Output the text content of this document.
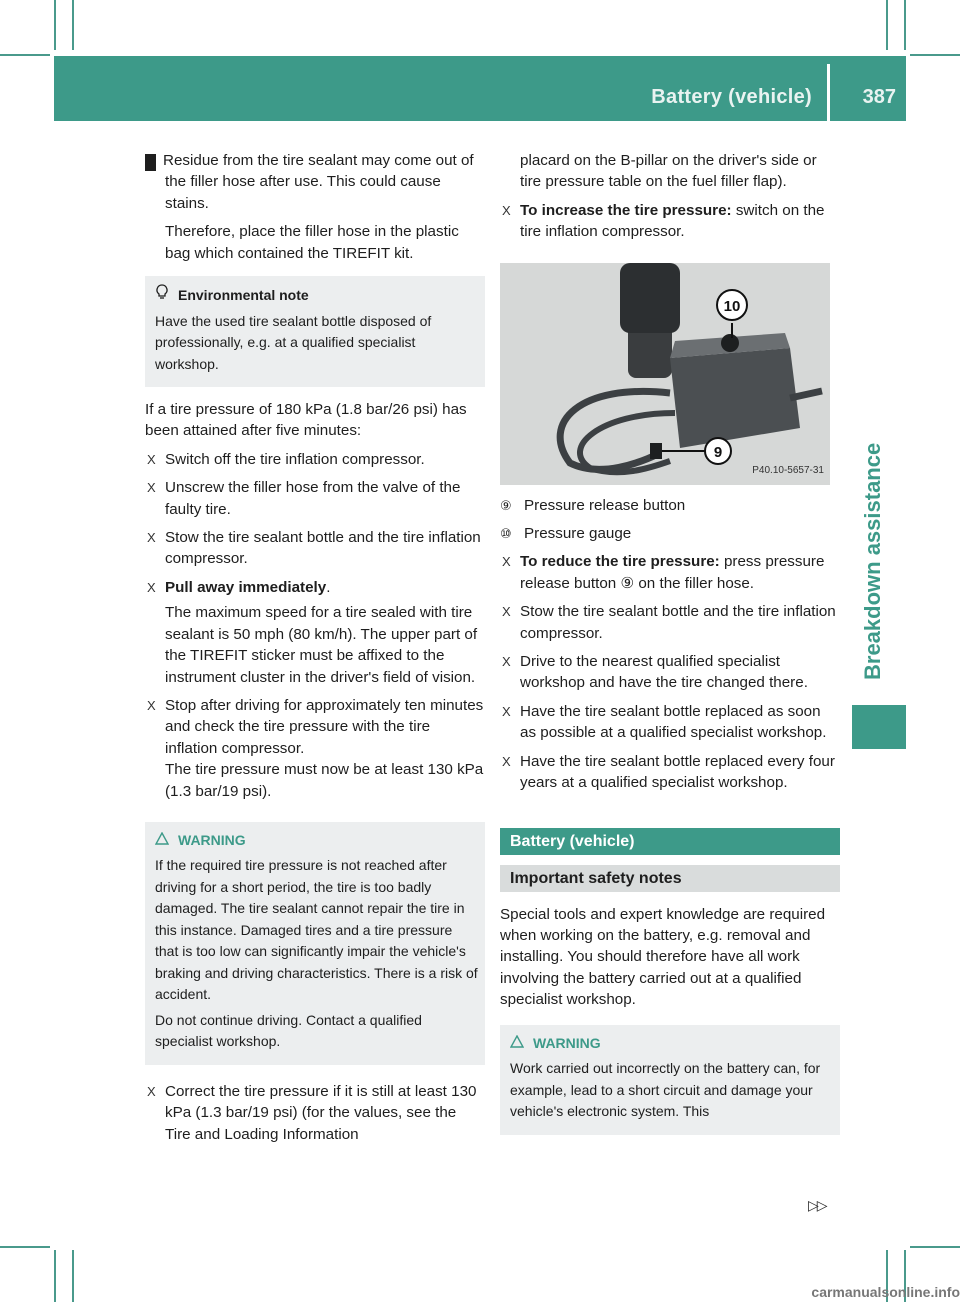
Battery (vehicle)	387
Breakdown assistance

! Residue from the tire sealant may come out of the filler hose after use. This could cause stains.

Therefore, place the filler hose in the plastic bag which contained the TIREFIT kit.

Environmental note

Have the used tire sealant bottle disposed of professionally, e.g. at a qualified specialist workshop.

If a tire pressure of 180 kPa (1.8 bar/26 psi) has been attained after five minutes:

X Switch off the tire inflation compressor.
X Unscrew the filler hose from the valve of the faulty tire.
X Stow the tire sealant bottle and the tire inflation compressor.
X Pull away immediately.
The maximum speed for a tire sealed with tire sealant is 50 mph (80 km/h). The upper part of the TIREFIT sticker must be affixed to the instrument cluster in the driver's field of vision.
X Stop after driving for approximately ten minutes and check the tire pressure with the tire inflation compressor.
The tire pressure must now be at least 130 kPa (1.3 bar/19 psi).
WARNING

If the required tire pressure is not reached after driving for a short period, the tire is too badly damaged. The tire sealant cannot repair the tire in this instance. Damaged tires and a tire pressure that is too low can significantly impair the vehicle's braking and driving characteristics. There is a risk of accident.

Do not continue driving. Contact a qualified specialist workshop.

X Correct the tire pressure if it is still at least 130 kPa (1.3 bar/19 psi) (for the values, see the Tire and Loading Information

placard on the B-pillar on the driver's side or tire pressure table on the fuel filler flap).

X To increase the tire pressure: switch on the tire inflation compressor.
10
9
P40.10-5657-31
⑨ Pressure release button
⑩ Pressure gauge
X To reduce the tire pressure: press pressure release button ⑨ on the filler hose.
X Stow the tire sealant bottle and the tire inflation compressor.
X Drive to the nearest qualified specialist workshop and have the tire changed there.
X Have the tire sealant bottle replaced as soon as possible at a qualified specialist workshop.
X Have the tire sealant bottle replaced every four years at a qualified specialist workshop.
Battery (vehicle)
Important safety notes

Special tools and expert knowledge are required when working on the battery, e.g. removal and installing. You should therefore have all work involving the battery carried out at a qualified specialist workshop.

WARNING

Work carried out incorrectly on the battery can, for example, lead to a short circuit and damage your vehicle's electronic system. This

▷▷
carmanualsonline.info
